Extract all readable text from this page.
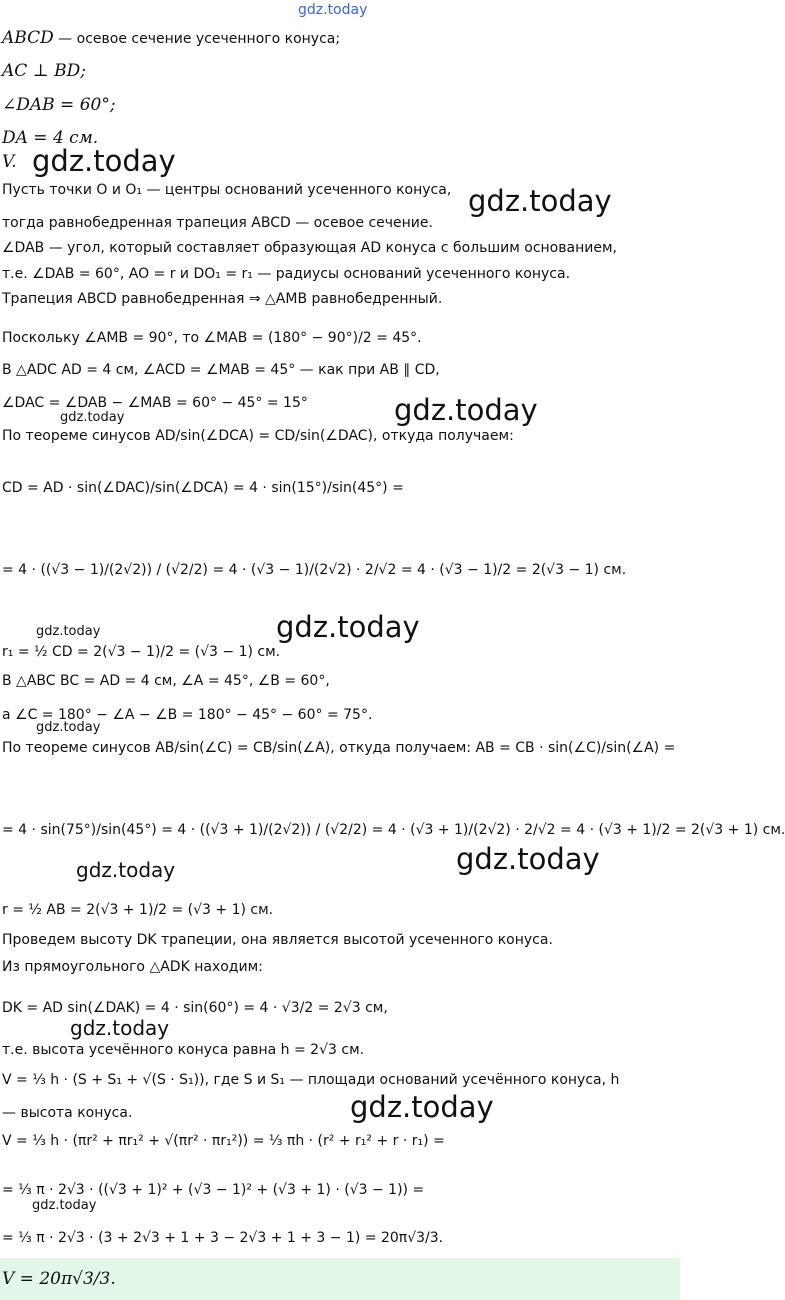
gdz.today
ABCD — осевое сечение усеченного конуса;
AC ⊥ BD;
∠DAB = 60°;
DA = 4 см.
V. gdz.today
gdz.today
Пусть точки O и O₁ — центры оснований усеченного конуса,
тогда равнобедренная трапеция ABCD — осевое сечение.
∠DAB — угол, который составляет образующая AD конуса с большим основанием,
т.е. ∠DAB = 60°, AO = r и DO₁ = r₁ — радиусы оснований усеченного конуса.
Трапеция ABCD равнобедренная ⇒ △AMB равнобедренный.
Поскольку ∠AMB = 90°, то ∠MAB = (180° − 90°)/2 = 45°.
В △ADC AD = 4 см, ∠ACD = ∠MAB = 45° — как при AB ∥ CD,
∠DAC = ∠DAB − ∠MAB = 60° − 45° = 15°
gdz.today	gdz.today
По теореме синусов AD/sin(∠DCA) = CD/sin(∠DAC), откуда получаем:
CD = AD · sin(∠DAC)/sin(∠DCA) = 4 · sin(15°)/sin(45°) =
= 4 · ((√3 − 1)/(2√2)) / (√2/2) = 4 · (√3 − 1)/(2√2) · 2/√2 = 4 · (√3 − 1)/2 = 2(√3 − 1) см.
gdz.today
gdz.today
r₁ = ½ CD = 2(√3 − 1)/2 = (√3 − 1) см.
В △ABC BC = AD = 4 см, ∠A = 45°, ∠B = 60°,
а ∠C = 180° − ∠A − ∠B = 180° − 45° − 60° = 75°.
gdz.today
По теореме синусов AB/sin(∠C) = CB/sin(∠A), откуда получаем: AB = CB · sin(∠C)/sin(∠A) =
= 4 · sin(75°)/sin(45°) = 4 · ((√3 + 1)/(2√2)) / (√2/2) = 4 · (√3 + 1)/(2√2) · 2/√2 = 4 · (√3 + 1)/2 = 2(√3 + 1) см.
gdz.today
gdz.today
r = ½ AB = 2(√3 + 1)/2 = (√3 + 1) см.
Проведем высоту DK трапеции, она является высотой усеченного конуса.
Из прямоугольного △ADK находим:
DK = AD sin(∠DAK) = 4 · sin(60°) = 4 · √3/2 = 2√3 см,
gdz.today
т.е. высота усечённого конуса равна h = 2√3 см.
V = ⅓ h · (S + S₁ + √(S · S₁)), где S и S₁ — площади оснований усечённого конуса, h
— высота конуса.	gdz.today
V = ⅓ h · (πr² + πr₁² + √(πr² · πr₁²)) = ⅓ πh · (r² + r₁² + r · r₁) =
= ⅓ π · 2√3 · ((√3 + 1)² + (√3 − 1)² + (√3 + 1) · (√3 − 1)) =
gdz.today
= ⅓ π · 2√3 · (3 + 2√3 + 1 + 3 − 2√3 + 1 + 3 − 1) = 20π√3/3.
V = 20π√3/3.
